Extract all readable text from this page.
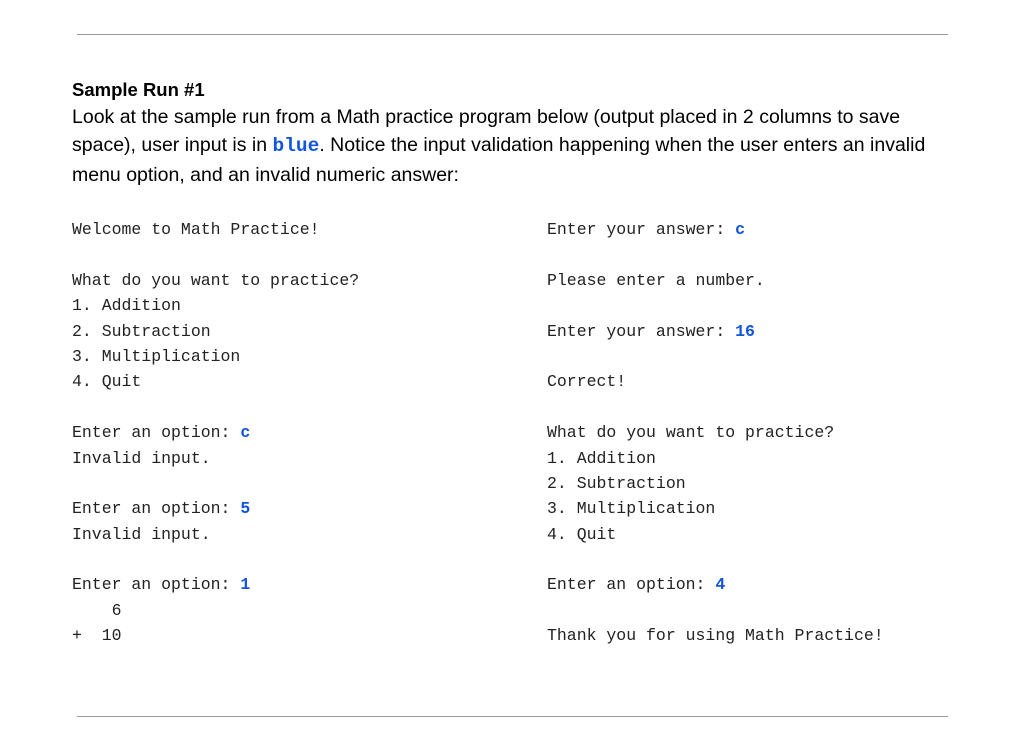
Sample Run #1
Look at the sample run from a Math practice program below (output placed in 2 columns to save space), user input is in blue. Notice the input validation happening when the user enters an invalid menu option, and an invalid numeric answer:
Welcome to Math Practice!
What do you want to practice?
1. Addition
2. Subtraction
3. Multiplication
4. Quit
Enter an option: c
Invalid input.
Enter an option: 5
Invalid input.
Enter an option: 1
6
+  10
Enter your answer: c
Please enter a number.
Enter your answer: 16
Correct!
What do you want to practice?
1. Addition
2. Subtraction
3. Multiplication
4. Quit
Enter an option: 4
Thank you for using Math Practice!
